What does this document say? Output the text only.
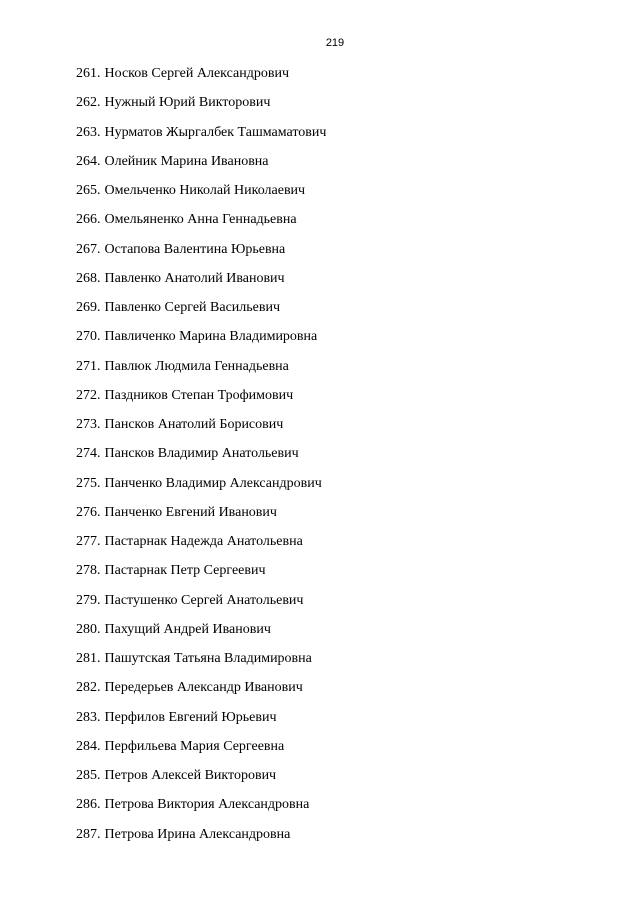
219
261. Носков Сергей Александрович
262. Нужный Юрий Викторович
263. Нурматов Жыргалбек Ташмаматович
264. Олейник Марина Ивановна
265. Омельченко Николай Николаевич
266. Омельяненко Анна Геннадьевна
267. Остапова Валентина Юрьевна
268. Павленко Анатолий Иванович
269. Павленко Сергей Васильевич
270. Павличенко Марина Владимировна
271. Павлюк Людмила Геннадьевна
272. Паздников Степан Трофимович
273. Пансков Анатолий Борисович
274. Пансков Владимир Анатольевич
275. Панченко Владимир Александрович
276. Панченко Евгений Иванович
277. Пастарнак Надежда Анатольевна
278. Пастарнак Петр Сергеевич
279. Пастушенко Сергей Анатольевич
280. Пахущий Андрей Иванович
281. Пашутская Татьяна Владимировна
282. Передерьев Александр Иванович
283. Перфилов Евгений Юрьевич
284. Перфильева Мария Сергеевна
285. Петров Алексей Викторович
286. Петрова Виктория Александровна
287. Петрова Ирина Александровна
